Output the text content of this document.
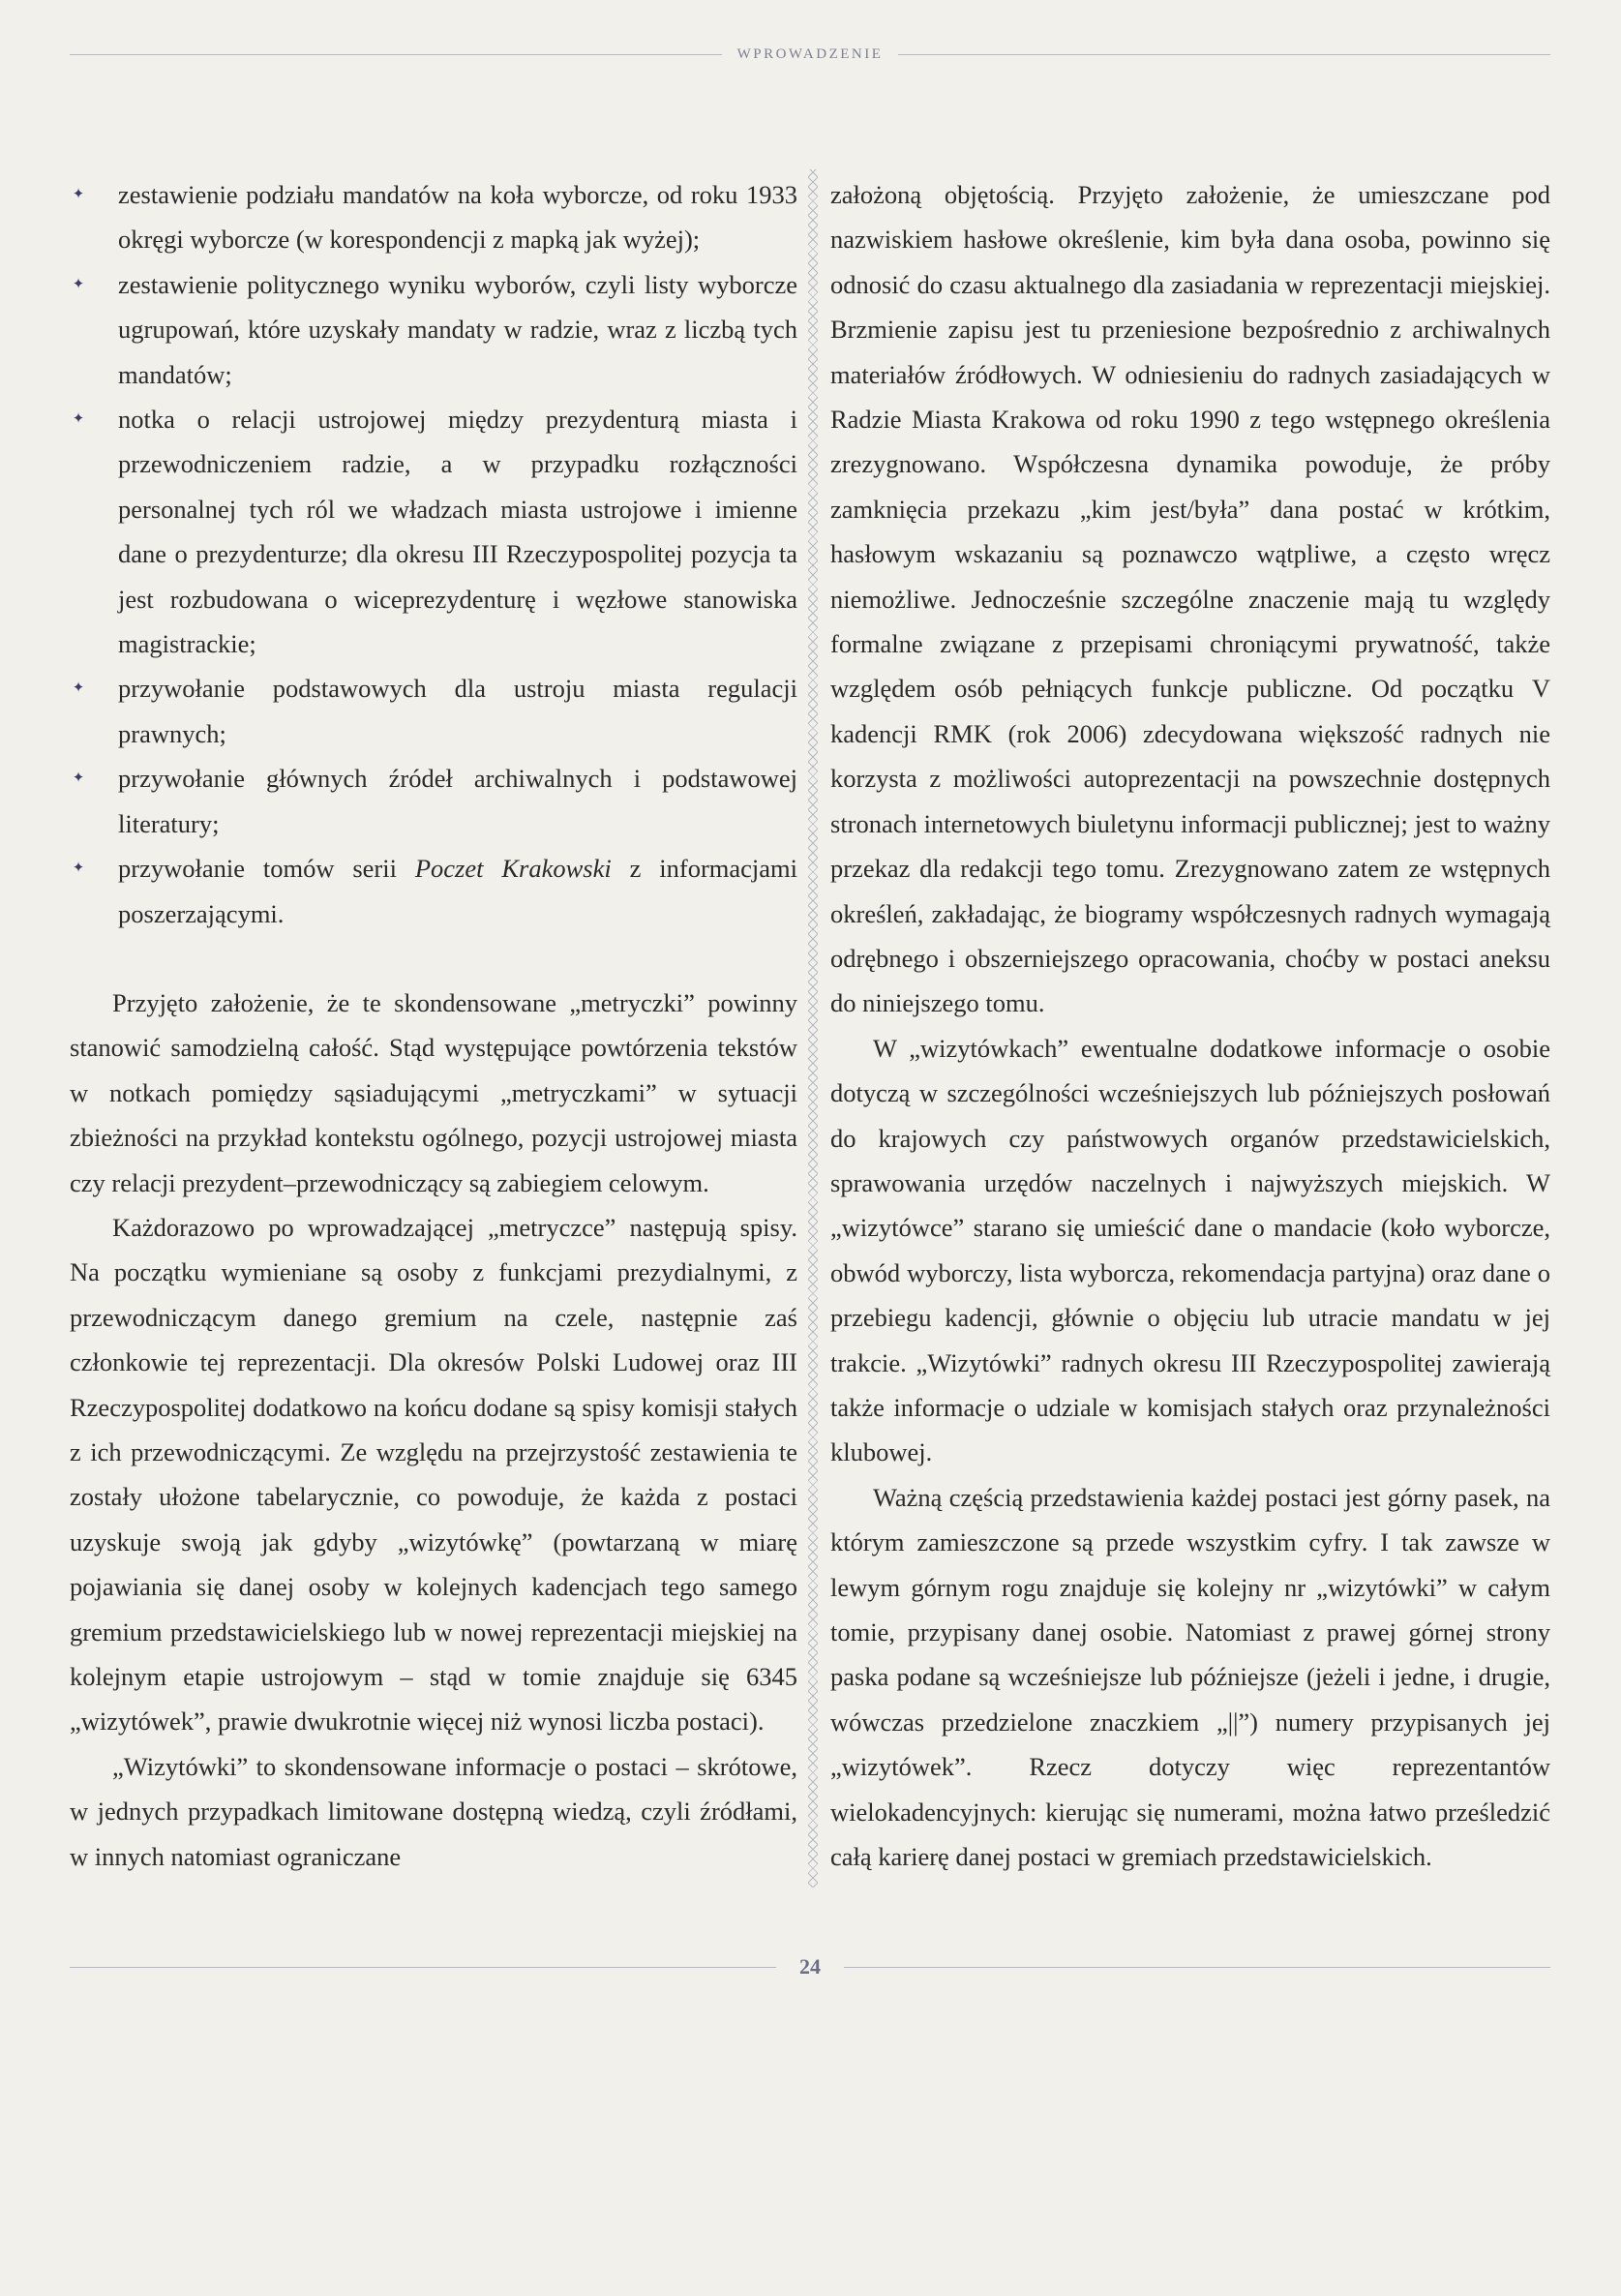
WPROWADZENIE
✦ zestawienie podziału mandatów na koła wyborcze, od roku 1933 okręgi wyborcze (w korespondencji z mapką jak wyżej);
✦ zestawienie politycznego wyniku wyborów, czyli listy wyborcze ugrupowań, które uzyskały mandaty w radzie, wraz z liczbą tych mandatów;
✦ notka o relacji ustrojowej między prezydenturą miasta i przewodniczeniem radzie, a w przypadku rozłączności personalnej tych ról we władzach miasta ustrojowe i imienne dane o prezydenturze; dla okresu III Rzeczypospolitej pozycja ta jest rozbudowana o wiceprezydenturę i węzłowe stanowiska magistrackie;
✦ przywołanie podstawowych dla ustroju miasta regulacji prawnych;
✦ przywołanie głównych źródeł archiwalnych i podstawowej literatury;
✦ przywołanie tomów serii Poczet Krakowski z informacjami poszerzającymi.

Przyjęto założenie, że te skondensowane „metryczki” powinny stanowić samodzielną całość. Stąd występujące powtórzenia tekstów w notkach pomiędzy sąsiadującymi „metryczkami” w sytuacji zbieżności na przykład kontekstu ogólnego, pozycji ustrojowej miasta czy relacji prezydent–przewodniczący są zabiegiem celowym.

Każdorazowo po wprowadzającej „metryczce” następują spisy. Na początku wymieniane są osoby z funkcjami prezydialnymi, z przewodniczącym danego gremium na czele, następnie zaś członkowie tej reprezentacji. Dla okresów Polski Ludowej oraz III Rzeczypospolitej dodatkowo na końcu dodane są spisy komisji stałych z ich przewodniczącymi. Ze względu na przejrzystość zestawienia te zostały ułożone tabelarycznie, co powoduje, że każda z postaci uzyskuje swoją jak gdyby „wizytówkę” (powtarzaną w miarę pojawiania się danej osoby w kolejnych kadencjach tego samego gremium przedstawicielskiego lub w nowej reprezentacji miejskiej na kolejnym etapie ustrojowym – stąd w tomie znajduje się 6345 „wizytówek”, prawie dwukrotnie więcej niż wynosi liczba postaci).

„Wizytówki” to skondensowane informacje o postaci – skrótowe, w jednych przypadkach limitowane dostępną wiedzą, czyli źródłami, w innych natomiast ograniczane

założoną objętością. Przyjęto założenie, że umieszczane pod nazwiskiem hasłowe określenie, kim była dana osoba, powinno się odnosić do czasu aktualnego dla zasiadania w reprezentacji miejskiej. Brzmienie zapisu jest tu przeniesione bezpośrednio z archiwalnych materiałów źródłowych. W odniesieniu do radnych zasiadających w Radzie Miasta Krakowa od roku 1990 z tego wstępnego określenia zrezygnowano. Współczesna dynamika powoduje, że próby zamknięcia przekazu „kim jest/była” dana postać w krótkim, hasłowym wskazaniu są poznawczo wątpliwe, a często wręcz niemożliwe. Jednocześnie szczególne znaczenie mają tu względy formalne związane z przepisami chroniącymi prywatność, także względem osób pełniących funkcje publiczne. Od początku V kadencji RMK (rok 2006) zdecydowana większość radnych nie korzysta z możliwości autoprezentacji na powszechnie dostępnych stronach internetowych biuletynu informacji publicznej; jest to ważny przekaz dla redakcji tego tomu. Zrezygnowano zatem ze wstępnych określeń, zakładając, że biogramy współczesnych radnych wymagają odrębnego i obszerniejszego opracowania, choćby w postaci aneksu do niniejszego tomu.

W „wizytówkach” ewentualne dodatkowe informacje o osobie dotyczą w szczególności wcześniejszych lub późniejszych posłowań do krajowych czy państwowych organów przedstawicielskich, sprawowania urzędów naczelnych i najwyższych miejskich. W „wizytówce” starano się umieścić dane o mandacie (koło wyborcze, obwód wyborczy, lista wyborcza, rekomendacja partyjna) oraz dane o przebiegu kadencji, głównie o objęciu lub utracie mandatu w jej trakcie. „Wizytówki” radnych okresu III Rzeczypospolitej zawierają także informacje o udziale w komisjach stałych oraz przynależności klubowej.

Ważną częścią przedstawienia każdej postaci jest górny pasek, na którym zamieszczone są przede wszystkim cyfry. I tak zawsze w lewym górnym rogu znajduje się kolejny nr „wizytówki” w całym tomie, przypisany danej osobie. Natomiast z prawej górnej strony paska podane są wcześniejsze lub późniejsze (jeżeli i jedne, i drugie, wówczas przedzielone znaczkiem „||”) numery przypisanych jej „wizytówek”. Rzecz dotyczy więc reprezentantów wielokadencyjnych: kierując się numerami, można łatwo prześledzić całą karierę danej postaci w gremiach przedstawicielskich.

24
